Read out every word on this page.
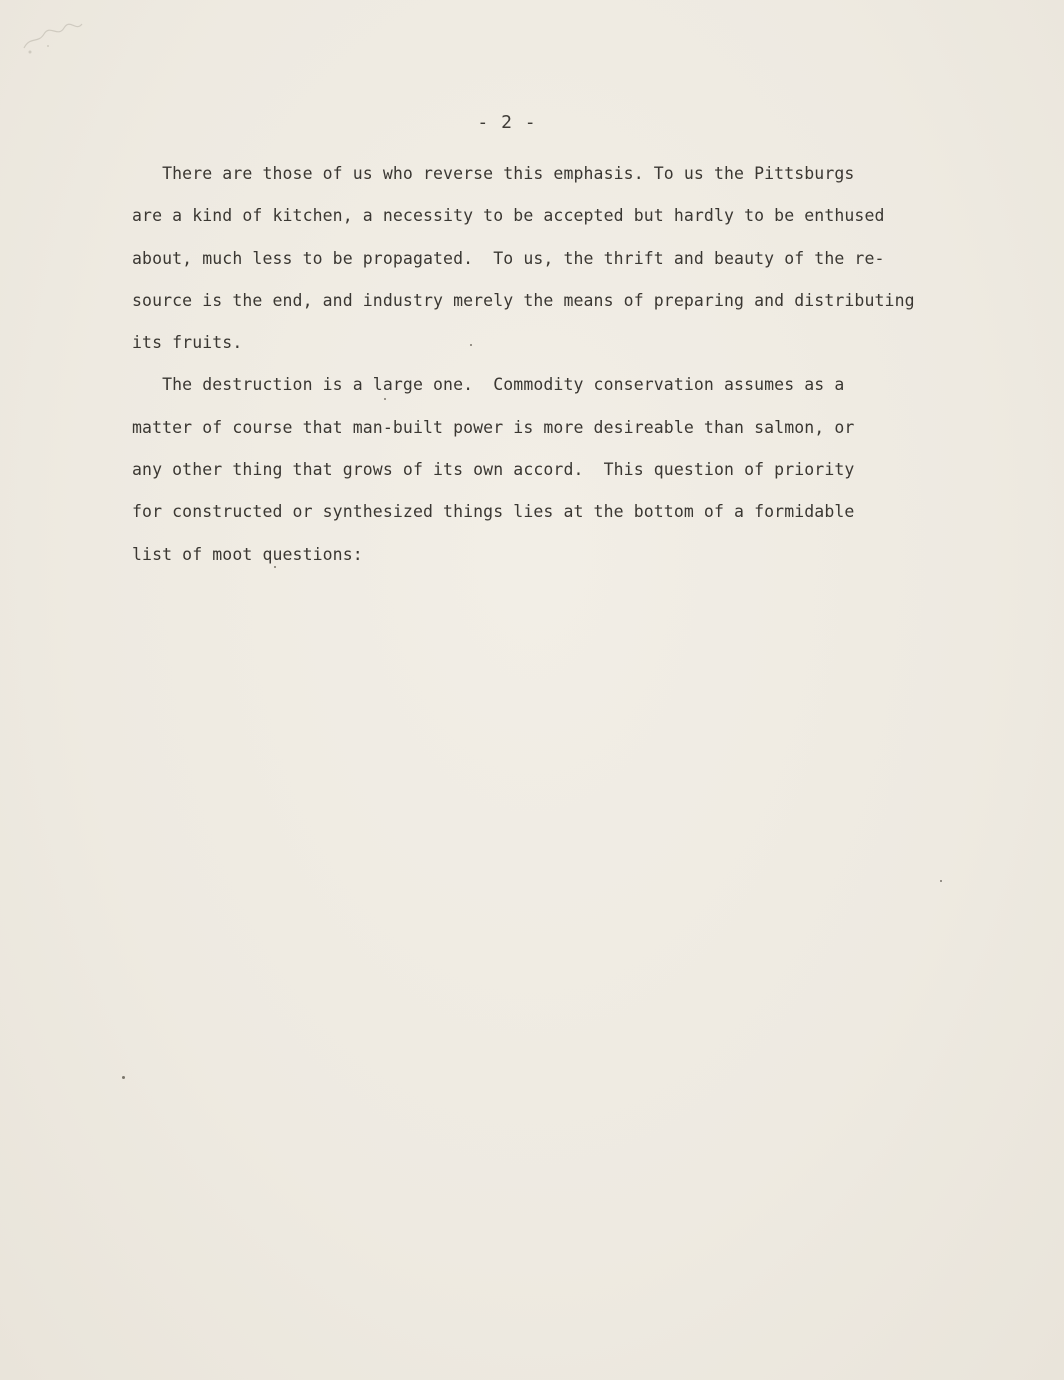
- 2 -
There are those of us who reverse this emphasis. To us the Pittsburgs
are a kind of kitchen, a necessity to be accepted but hardly to be enthused
about, much less to be propagated.  To us, the thrift and beauty of the re-
source is the end, and industry merely the means of preparing and distributing
its fruits.
The destruction is a large one.  Commodity conservation assumes as a
matter of course that man-built power is more desireable than salmon, or
any other thing that grows of its own accord.  This question of priority
for constructed or synthesized things lies at the bottom of a formidable
list of moot questions:
